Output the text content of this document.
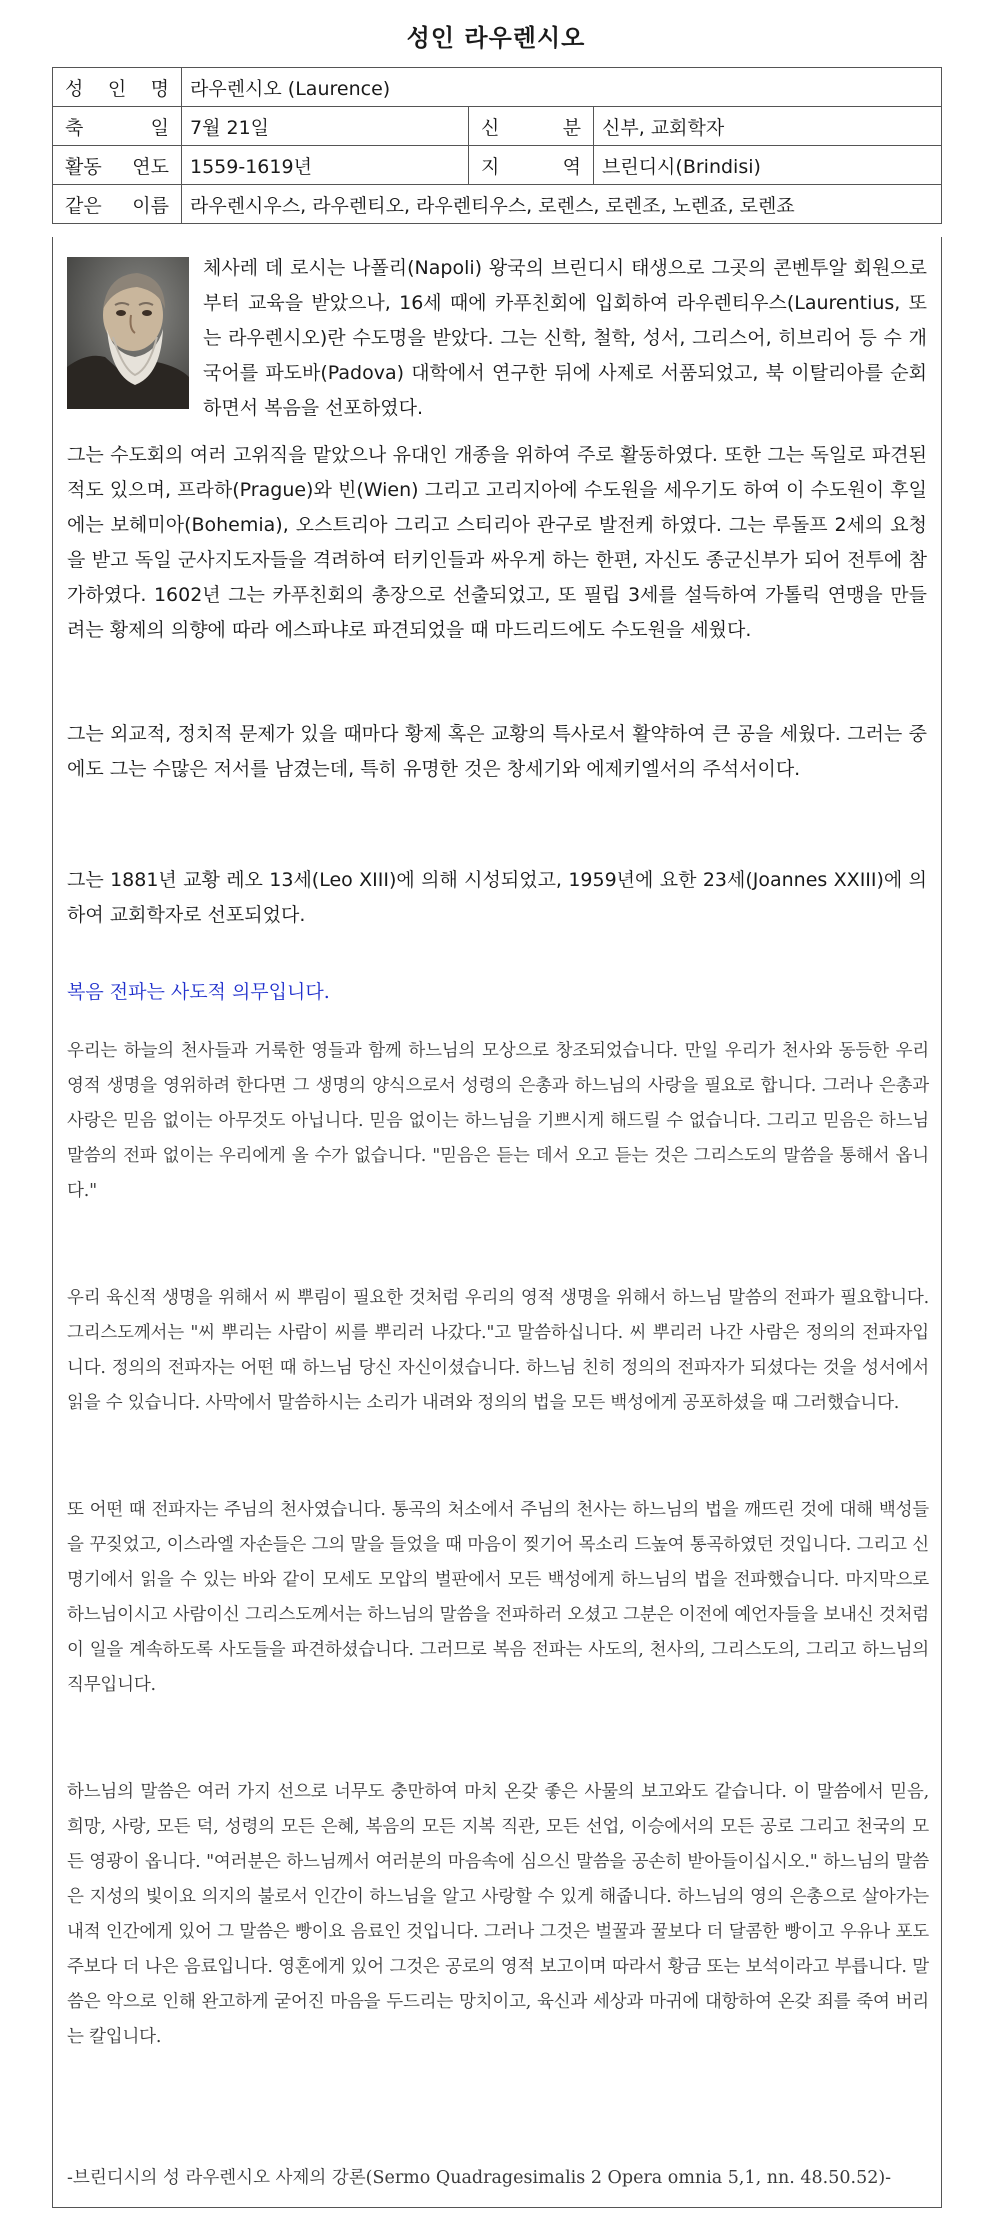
성인 라우렌시오
성 인 명	라우렌시오 (Laurence)		
축 일	7월 21일	신 분	신부, 교회학자
활동 연도	1559-1619년	지 역	브린디시(Brindisi)
같은 이름	라우렌시우스, 라우렌티오, 라우렌티우스, 로렌스, 로렌조, 노렌죠, 로렌죠		
체사레 데 로시는 나폴리(Napoli) 왕국의 브린디시 태생으로 그곳의 콘벤투알 회원으로부터 교육을 받았으나, 16세 때에 카푸친회에 입회하여 라우렌티우스(Laurentius, 또는 라우렌시오)란 수도명을 받았다. 그는 신학, 철학, 성서, 그리스어, 히브리어 등 수 개 국어를 파도바(Padova) 대학에서 연구한 뒤에 사제로 서품되었고, 북 이탈리아를 순회하면서 복음을 선포하였다.
그는 수도회의 여러 고위직을 맡았으나 유대인 개종을 위하여 주로 활동하였다. 또한 그는 독일로 파견된 적도 있으며, 프라하(Prague)와 빈(Wien) 그리고 고리지아에 수도원을 세우기도 하여 이 수도원이 후일에는 보헤미아(Bohemia), 오스트리아 그리고 스티리아 관구로 발전케 하였다. 그는 루돌프 2세의 요청을 받고 독일 군사지도자들을 격려하여 터키인들과 싸우게 하는 한편, 자신도 종군신부가 되어 전투에 참가하였다. 1602년 그는 카푸친회의 총장으로 선출되었고, 또 필립 3세를 설득하여 가톨릭 연맹을 만들려는 황제의 의향에 따라 에스파냐로 파견되었을 때 마드리드에도 수도원을 세웠다.
그는 외교적, 정치적 문제가 있을 때마다 황제 혹은 교황의 특사로서 활약하여 큰 공을 세웠다. 그러는 중에도 그는 수많은 저서를 남겼는데, 특히 유명한 것은 창세기와 에제키엘서의 주석서이다.
그는 1881년 교황 레오 13세(Leo XIII)에 의해 시성되었고, 1959년에 요한 23세(Joannes XXIII)에 의하여 교회학자로 선포되었다.
복음 전파는 사도적 의무입니다.
우리는 하늘의 천사들과 거룩한 영들과 함께 하느님의 모상으로 창조되었습니다. 만일 우리가 천사와 동등한 우리 영적 생명을 영위하려 한다면 그 생명의 양식으로서 성령의 은총과 하느님의 사랑을 필요로 합니다. 그러나 은총과 사랑은 믿음 없이는 아무것도 아닙니다. 믿음 없이는 하느님을 기쁘시게 해드릴 수 없습니다. 그리고 믿음은 하느님 말씀의 전파 없이는 우리에게 올 수가 없습니다. "믿음은 듣는 데서 오고 듣는 것은 그리스도의 말씀을 통해서 옵니다."
우리 육신적 생명을 위해서 씨 뿌림이 필요한 것처럼 우리의 영적 생명을 위해서 하느님 말씀의 전파가 필요합니다. 그리스도께서는 "씨 뿌리는 사람이 씨를 뿌리러 나갔다."고 말씀하십니다. 씨 뿌리러 나간 사람은 정의의 전파자입니다. 정의의 전파자는 어떤 때 하느님 당신 자신이셨습니다. 하느님 친히 정의의 전파자가 되셨다는 것을 성서에서 읽을 수 있습니다. 사막에서 말씀하시는 소리가 내려와 정의의 법을 모든 백성에게 공포하셨을 때 그러했습니다.
또 어떤 때 전파자는 주님의 천사였습니다. 통곡의 처소에서 주님의 천사는 하느님의 법을 깨뜨린 것에 대해 백성들을 꾸짖었고, 이스라엘 자손들은 그의 말을 들었을 때 마음이 찢기어 목소리 드높여 통곡하였던 것입니다. 그리고 신명기에서 읽을 수 있는 바와 같이 모세도 모압의 벌판에서 모든 백성에게 하느님의 법을 전파했습니다. 마지막으로 하느님이시고 사람이신 그리스도께서는 하느님의 말씀을 전파하러 오셨고 그분은 이전에 예언자들을 보내신 것처럼 이 일을 계속하도록 사도들을 파견하셨습니다. 그러므로 복음 전파는 사도의, 천사의, 그리스도의, 그리고 하느님의 직무입니다.
하느님의 말씀은 여러 가지 선으로 너무도 충만하여 마치 온갖 좋은 사물의 보고와도 같습니다. 이 말씀에서 믿음, 희망, 사랑, 모든 덕, 성령의 모든 은혜, 복음의 모든 지복 직관, 모든 선업, 이승에서의 모든 공로 그리고 천국의 모든 영광이 옵니다. "여러분은 하느님께서 여러분의 마음속에 심으신 말씀을 공손히 받아들이십시오." 하느님의 말씀은 지성의 빛이요 의지의 불로서 인간이 하느님을 알고 사랑할 수 있게 해줍니다. 하느님의 영의 은총으로 살아가는 내적 인간에게 있어 그 말씀은 빵이요 음료인 것입니다. 그러나 그것은 벌꿀과 꿀보다 더 달콤한 빵이고 우유나 포도주보다 더 나은 음료입니다. 영혼에게 있어 그것은 공로의 영적 보고이며 따라서 황금 또는 보석이라고 부릅니다. 말씀은 악으로 인해 완고하게 굳어진 마음을 두드리는 망치이고, 육신과 세상과 마귀에 대항하여 온갖 죄를 죽여 버리는 칼입니다.
-브린디시의 성 라우렌시오 사제의 강론(Sermo Quadragesimalis 2 Opera omnia 5,1, nn. 48.50.52)-
